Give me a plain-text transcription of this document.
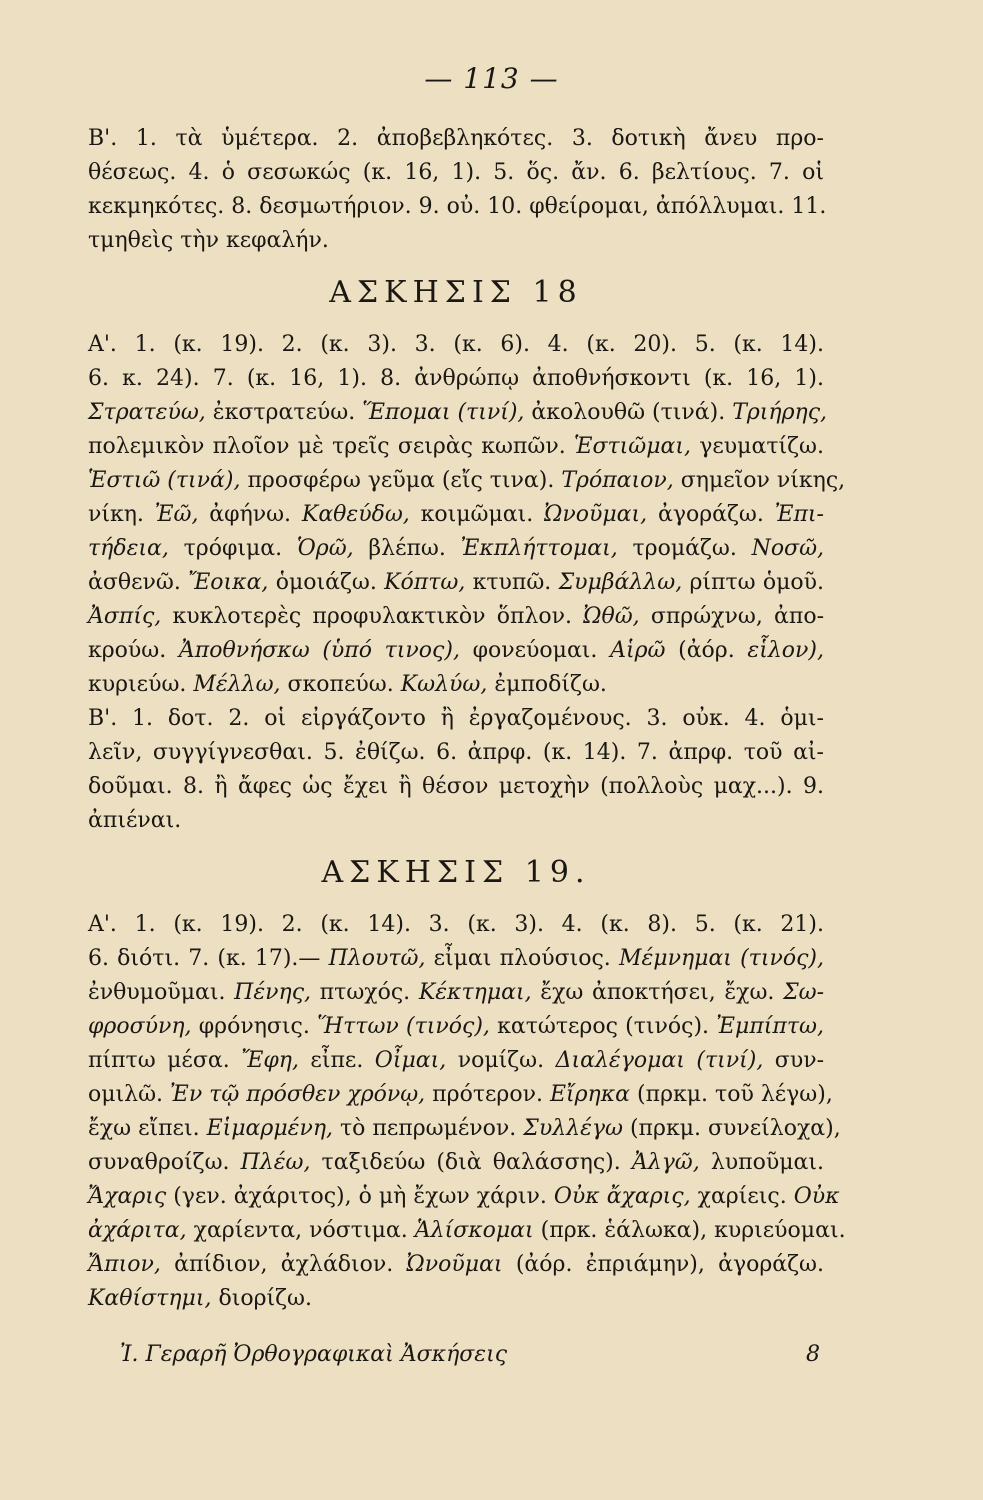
— 113 —
Β'. 1. τὰ ὑμέτερα. 2. ἀποβεβληκότες. 3. δοτικὴ ἄνευ προ-
θέσεως. 4. ὁ σεσωκώς (κ. 16, 1). 5. ὅς. ἄν. 6. βελτίους. 7. οἱ
κεκμηκότες. 8. δεσμωτήριον. 9. οὐ. 10. φθείρομαι, ἀπόλλυμαι. 11.
τμηθεὶς τὴν κεφαλήν.
ΑΣΚΗΣΙΣ 18
Α'. 1. (κ. 19). 2. (κ. 3). 3. (κ. 6). 4. (κ. 20). 5. (κ. 14).
6. κ. 24). 7. (κ. 16, 1). 8. ἀνθρώπῳ ἀποθνήσκοντι (κ. 16, 1).
Στρατεύω, ἐκστρατεύω. Ἕπομαι (τινί), ἀκολουθῶ (τινά). Τριήρης,
πολεμικὸν πλοῖον μὲ τρεῖς σειρὰς κωπῶν. Ἑστιῶμαι, γευματίζω.
Ἑστιῶ (τινά), προσφέρω γεῦμα (εἴς τινα). Τρόπαιον, σημεῖον νίκης,
νίκη. Ἐῶ, ἀφήνω. Καθεύδω, κοιμῶμαι. Ὠνοῦμαι, ἀγοράζω. Ἐπι-
τήδεια, τρόφιμα. Ὁρῶ, βλέπω. Ἐκπλήττομαι, τρομάζω. Νοσῶ,
ἀσθενῶ. Ἔοικα, ὁμοιάζω. Κόπτω, κτυπῶ. Συμβάλλω, ρίπτω ὁμοῦ.
Ἀσπίς, κυκλοτερὲς προφυλακτικὸν ὅπλον. Ὠθῶ, σπρώχνω, ἀπο-
κρούω. Ἀποθνήσκω (ὑπό τινος), φονεύομαι. Αἱρῶ (ἀόρ. εἷλον),
κυριεύω. Μέλλω, σκοπεύω. Κωλύω, ἐμποδίζω.
Β'. 1. δοτ. 2. οἱ εἰργάζοντο ἢ ἐργαζομένους. 3. οὐκ. 4. ὁμι-
λεῖν, συγγίγνεσθαι. 5. ἐθίζω. 6. ἀπρφ. (κ. 14). 7. ἀπρφ. τοῦ αἰ-
δοῦμαι. 8. ἢ ἄφες ὡς ἔχει ἢ θέσον μετοχὴν (πολλοὺς μαχ...). 9.
ἀπιέναι.
ΑΣΚΗΣΙΣ 19.
Α'. 1. (κ. 19). 2. (κ. 14). 3. (κ. 3). 4. (κ. 8). 5. (κ. 21).
6. διότι. 7. (κ. 17).— Πλουτῶ, εἶμαι πλούσιος. Μέμνημαι (τινός),
ἐνθυμοῦμαι. Πένης, πτωχός. Κέκτημαι, ἔχω ἀποκτήσει, ἔχω. Σω-
φροσύνη, φρόνησις. Ἥττων (τινός), κατώτερος (τινός). Ἐμπίπτω,
πίπτω μέσα. Ἔφη, εἶπε. Οἶμαι, νομίζω. Διαλέγομαι (τινί), συν-
ομιλῶ. Ἐν τῷ πρόσθεν χρόνῳ, πρότερον. Εἴρηκα (πρκμ. τοῦ λέγω),
ἔχω εἴπει. Εἱμαρμένη, τὸ πεπρωμένον. Συλλέγω (πρκμ. συνείλοχα),
συναθροίζω. Πλέω, ταξιδεύω (διὰ θαλάσσης). Ἀλγῶ, λυποῦμαι.
Ἄχαρις (γεν. ἀχάριτος), ὁ μὴ ἔχων χάριν. Οὐκ ἄχαρις, χαρίεις. Οὐκ
ἀχάριτα, χαρίεντα, νόστιμα. Ἁλίσκομαι (πρκ. ἑάλωκα), κυριεύομαι.
Ἄπιον, ἀπίδιον, ἀχλάδιον. Ὠνοῦμαι (ἀόρ. ἐπριάμην), ἀγοράζω.
Καθίστημι, διορίζω.
Ἰ. Γεραρῆ Ὀρθογραφικαὶ Ἀσκήσεις	8
